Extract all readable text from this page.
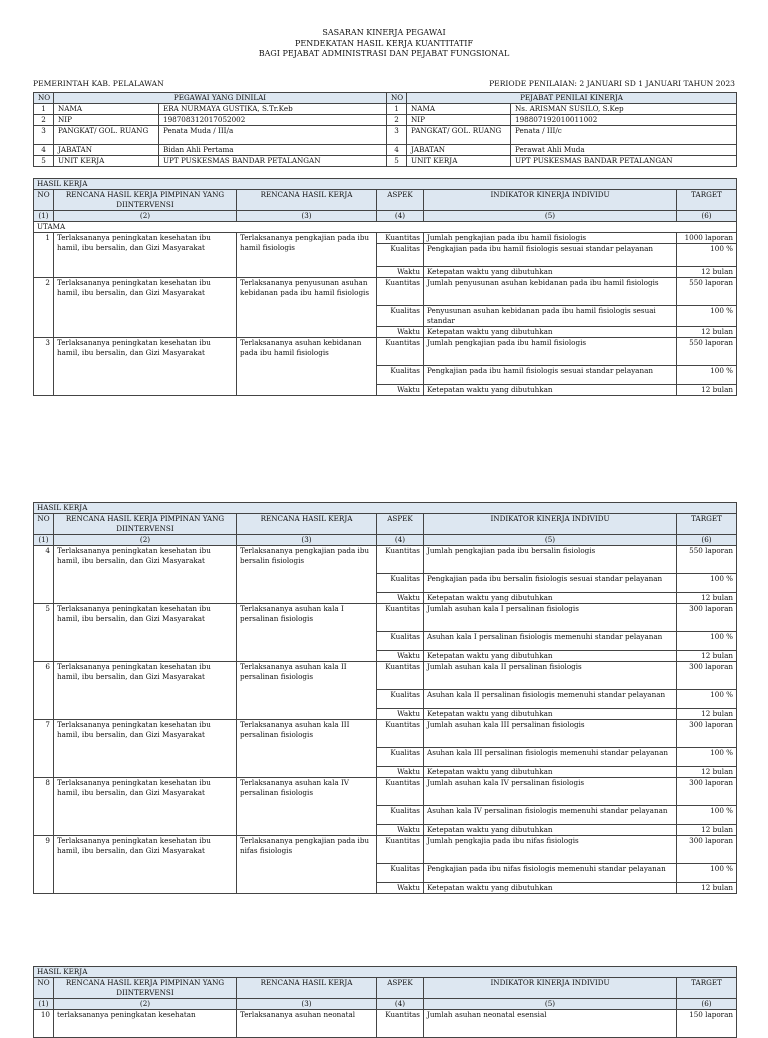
SASARAN KINERJA PEGAWAI
PENDEKATAN HASIL KERJA KUANTITATIF
BAGI PEJABAT ADMINISTRASI DAN PEJABAT FUNGSIONAL
PEMERINTAH KAB. PELALAWAN	PERIODE PENILAIAN: 2 JANUARI SD 1 JANUARI TAHUN 2023
NO	PEGAWAI YANG DINILAI		NO	PEJABAT PENILAI KINERJA	
1	NAMA	ERA NURMAYA GUSTIKA, S.Tr.Keb	1	NAMA	Ns. ARISMAN SUSILO, S.Kep
2	NIP	198708312017052002	2	NIP	198807192010011002
3	PANGKAT/ GOL. RUANG	Penata Muda / III/a	3	PANGKAT/ GOL. RUANG	Penata / III/c
4	JABATAN	Bidan Ahli Pertama	4	JABATAN	Perawat Ahli Muda
5	UNIT KERJA	UPT PUSKESMAS BANDAR PETALANGAN	5	UNIT KERJA	UPT PUSKESMAS BANDAR PETALANGAN
HASIL KERJA					
NO	RENCANA HASIL KERJA PIMPINAN YANG DIINTERVENSI	RENCANA HASIL KERJA	ASPEK	INDIKATOR KINERJA INDIVIDU	TARGET
(1)	(2)	(3)	(4)	(5)	(6)
UTAMA					
1	Terlaksananya peningkatan kesehatan ibu hamil, ibu bersalin, dan Gizi Masyarakat	Terlaksananya pengkajian pada ibu hamil fisiologis	Kuantitas	Jumlah pengkajian pada ibu hamil fisiologis	1000 laporan
			Kualitas	Pengkajian pada ibu hamil fisiologis sesuai standar pelayanan	100 %
			Waktu	Ketepatan waktu yang dibutuhkan	12 bulan
2	Terlaksananya peningkatan kesehatan ibu hamil, ibu bersalin, dan Gizi Masyarakat	Terlaksananya penyusunan asuhan kebidanan pada ibu hamil fisiologis	Kuantitas	Jumlah penyusunan asuhan kebidanan pada ibu hamil fisiologis	550 laporan
			Kualitas	Penyusunan asuhan kebidanan pada ibu hamil fisiologis sesuai standar	100 %
			Waktu	Ketepatan waktu yang dibutuhkan	12 bulan
3	Terlaksananya peningkatan kesehatan ibu hamil, ibu bersalin, dan Gizi Masyarakat	Terlaksananya asuhan kebidanan pada ibu hamil fisiologis	Kuantitas	Jumlah pengkajian pada ibu hamil fisiologis	550 laporan
			Kualitas	Pengkajian pada ibu hamil fisiologis sesuai standar pelayanan	100 %
			Waktu	Ketepatan waktu yang dibutuhkan	12 bulan
HASIL KERJA					
NO	RENCANA HASIL KERJA PIMPINAN YANG DIINTERVENSI	RENCANA HASIL KERJA	ASPEK	INDIKATOR KINERJA INDIVIDU	TARGET
(1)	(2)	(3)	(4)	(5)	(6)
4	Terlaksananya peningkatan kesehatan ibu hamil, ibu bersalin, dan Gizi Masyarakat	Terlaksananya pengkajian pada ibu bersalin fisiologis	Kuantitas	Jumlah pengkajian pada ibu bersalin fisiologis	550 laporan
			Kualitas	Pengkajian pada ibu bersalin fisiologis sesuai standar pelayanan	100 %
			Waktu	Ketepatan waktu yang dibutuhkan	12 bulan
5	Terlaksananya peningkatan kesehatan ibu hamil, ibu bersalin, dan Gizi Masyarakat	Terlaksananya asuhan kala I persalinan fisiologis	Kuantitas	Jumlah asuhan kala I persalinan fisiologis	300 laporan
			Kualitas	Asuhan kala I persalinan fisiologis memenuhi standar pelayanan	100 %
			Waktu	Ketepatan waktu yang dibutuhkan	12 bulan
6	Terlaksananya peningkatan kesehatan ibu hamil, ibu bersalin, dan Gizi Masyarakat	Terlaksananya asuhan kala II persalinan fisiologis	Kuantitas	Jumlah asuhan kala II persalinan fisiologis	300 laporan
			Kualitas	Asuhan kala II persalinan fisiologis memenuhi standar pelayanan	100 %
			Waktu	Ketepatan waktu yang dibutuhkan	12 bulan
7	Terlaksananya peningkatan kesehatan ibu hamil, ibu bersalin, dan Gizi Masyarakat	Terlaksananya asuhan kala III persalinan fisiologis	Kuantitas	Jumlah asuhan kala III persalinan fisiologis	300 laporan
			Kualitas	Asuhan kala III persalinan fisiologis memenuhi standar pelayanan	100 %
			Waktu	Ketepatan waktu yang dibutuhkan	12 bulan
8	Terlaksananya peningkatan kesehatan ibu hamil, ibu bersalin, dan Gizi Masyarakat	Terlaksananya asuhan kala IV persalinan fisiologis	Kuantitas	Jumlah asuhan kala IV persalinan fisiologis	300 laporan
			Kualitas	Asuhan kala IV persalinan fisiologis memenuhi standar pelayanan	100 %
			Waktu	Ketepatan waktu yang dibutuhkan	12 bulan
9	Terlaksananya peningkatan kesehatan ibu hamil, ibu bersalin, dan Gizi Masyarakat	Terlaksananya pengkajian pada ibu nifas fisiologis	Kuantitas	Jumlah pengkajia pada ibu nifas fisiologis	300 laporan
			Kualitas	Pengkajian pada ibu nifas fisiologis memenuhi standar pelayanan	100 %
			Waktu	Ketepatan waktu yang dibutuhkan	12 bulan
HASIL KERJA					
NO	RENCANA HASIL KERJA PIMPINAN YANG DIINTERVENSI	RENCANA HASIL KERJA	ASPEK	INDIKATOR KINERJA INDIVIDU	TARGET
(1)	(2)	(3)	(4)	(5)	(6)
10	terlaksananya peningkatan kesehatan	Terlaksananya asuhan neonatal	Kuantitas	Jumlah asuhan neonatal esensial	150 laporan
